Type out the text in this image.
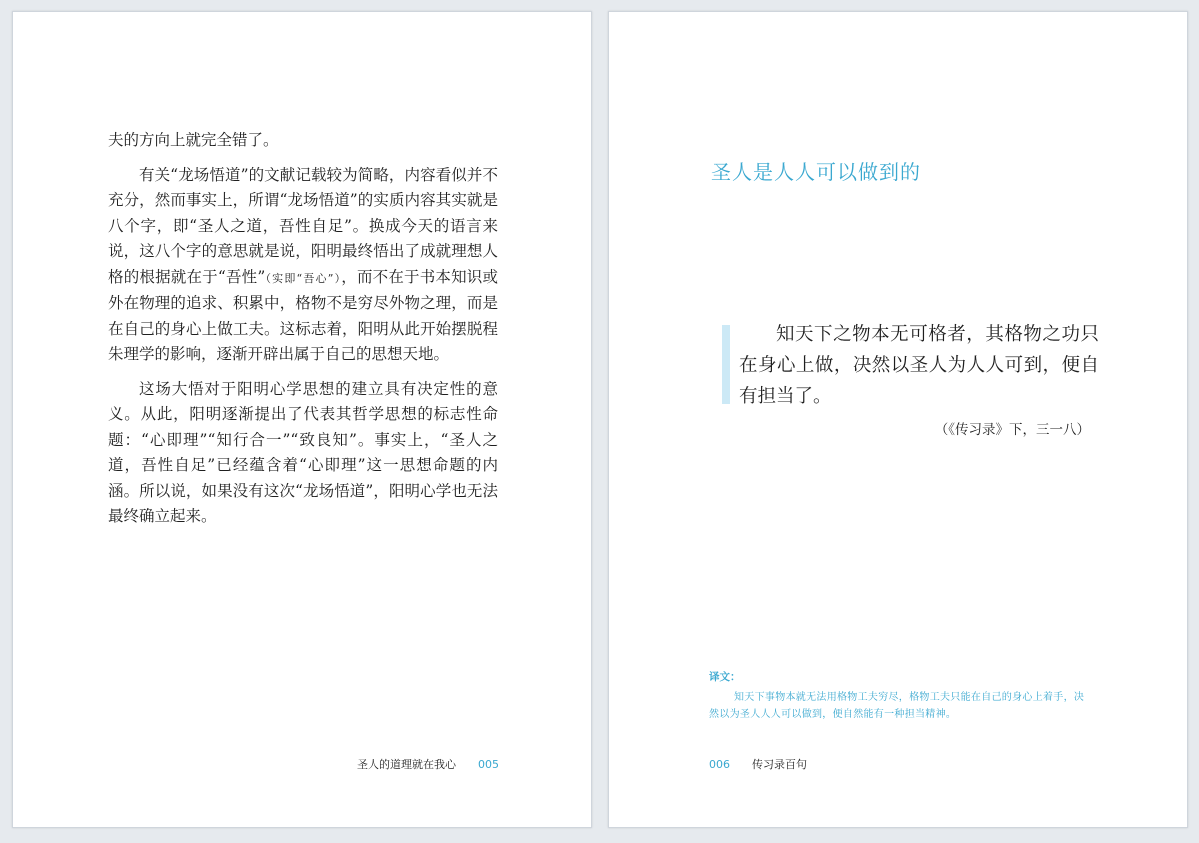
夫的方向上就完全错了。

有关“龙场悟道”的文献记载较为简略，内容看似并不充分，然而事实上，所谓“龙场悟道”的实质内容其实就是八个字，即“圣人之道，吾性自足”。换成今天的语言来说，这八个字的意思就是说，阳明最终悟出了成就理想人格的根据就在于“吾性”（实即“吾心”），而不在于书本知识或外在物理的追求、积累中，格物不是穷尽外物之理，而是在自己的身心上做工夫。这标志着，阳明从此开始摆脱程朱理学的影响，逐渐开辟出属于自己的思想天地。

这场大悟对于阳明心学思想的建立具有决定性的意义。从此，阳明逐渐提出了代表其哲学思想的标志性命题：“心即理”“知行合一”“致良知”。事实上，“圣人之道，吾性自足”已经蕴含着“心即理”这一思想命题的内涵。所以说，如果没有这次“龙场悟道”，阳明心学也无法最终确立起来。

圣人的道理就在我心 005
圣人是人人可以做到的

知天下之物本无可格者，其格物之功只在身心上做，决然以圣人为人人可到，便自有担当了。

（《传习录》下，三一八）
译文：

知天下事物本就无法用格物工夫穷尽，格物工夫只能在自己的身心上着手，决然以为圣人人人可以做到，便自然能有一种担当精神。

006 传习录百句
